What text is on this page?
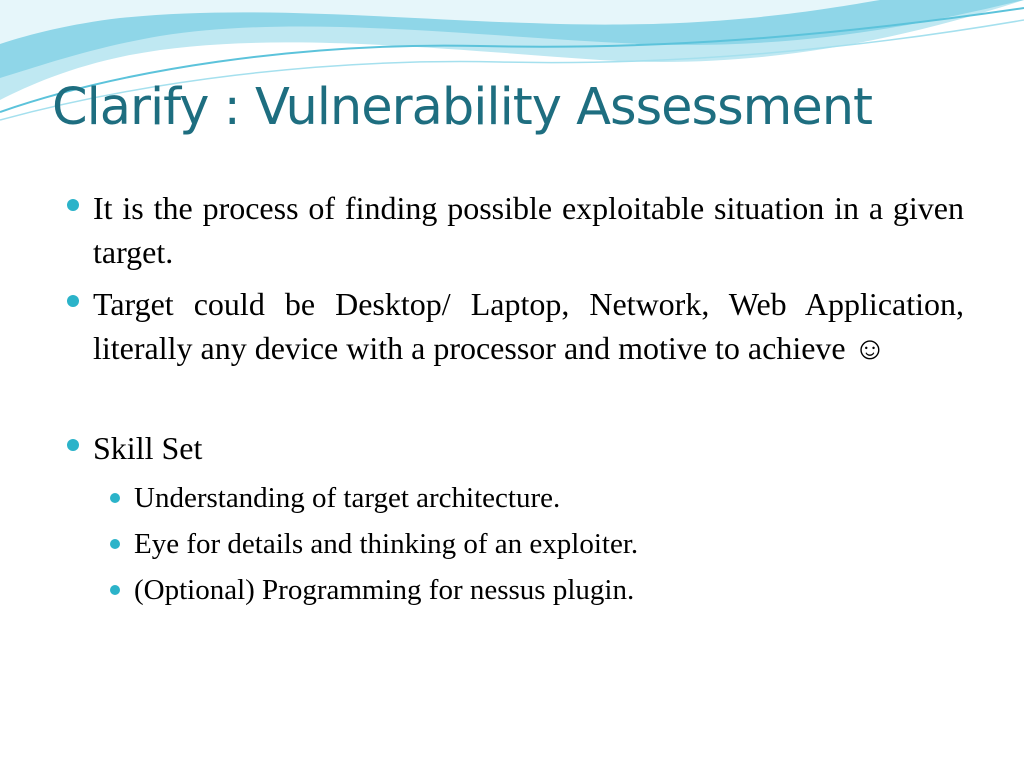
Clarify : Vulnerability Assessment
It is the process of finding possible exploitable situation in a given target.
Target could be Desktop/ Laptop, Network, Web Application, literally any device with a processor and motive to achieve ☺
Skill Set
Understanding of target architecture.
Eye for details and thinking of an exploiter.
(Optional) Programming for nessus plugin.
